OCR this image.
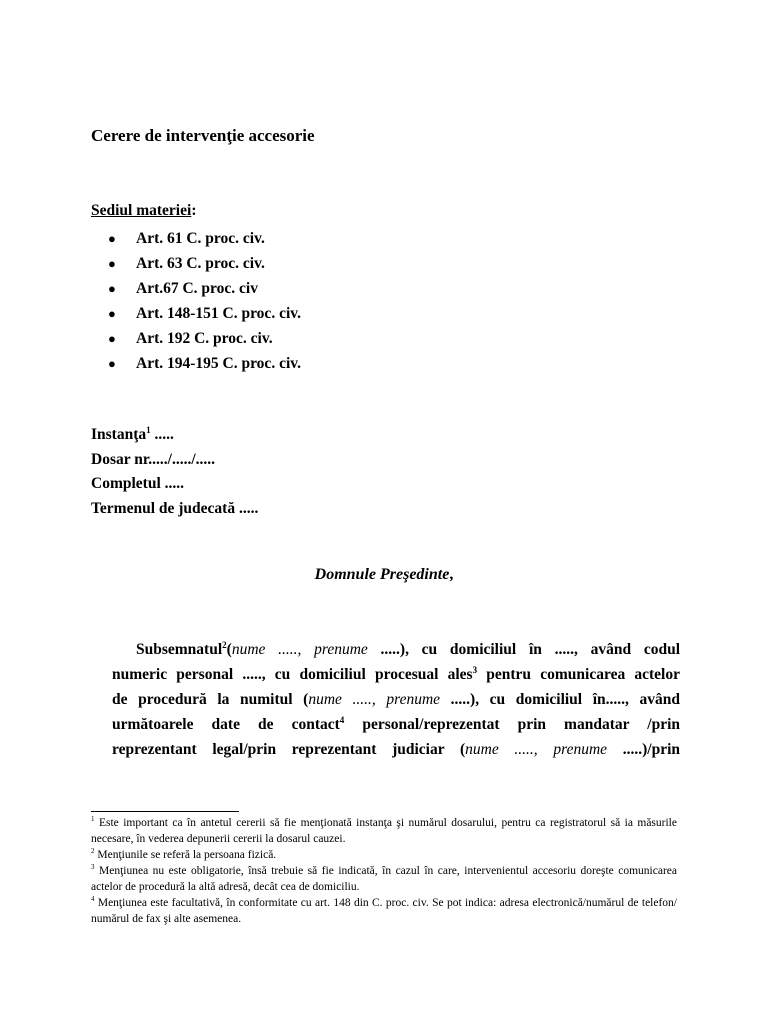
Cerere de intervenţie accesorie
Sediul materiei:
● Art. 61 C. proc. civ.
● Art. 63 C. proc. civ.
● Art.67 C. proc. civ
● Art. 148-151 C. proc. civ.
● Art. 192 C. proc. civ.
● Art. 194-195 C. proc. civ.
Instanţa$^1$ .....
Dosar nr...../...../.....
Completul .....
Termenul de judecată .....
Domnule Preşedinte,
Subsemnatul$^2$(nume ....., prenume .....), cu domiciliul în ....., având codul
numeric personal ....., cu domiciliul procesual ales$^3$ pentru comunicarea actelor
de procedură la numitul (nume ....., prenume .....), cu domiciliul în....., având
următoarele date de contact$^4$ personal/reprezentat prin mandatar /prin
reprezentant legal/prin reprezentant judiciar (nume ....., prenume .....)/prin
$^1$ Este important ca în antetul cererii să fie menţionată instanţa şi numărul dosarului, pentru ca registratorul să ia măsurile necesare, în vederea depunerii cererii la dosarul cauzei.
$^2$ Menţiunile se referă la persoana fizică.
$^3$ Menţiunea nu este obligatorie, însă trebuie să fie indicată, în cazul în care, intervenientul accesoriu doreşte comunicarea actelor de procedură la altă adresă, decât cea de domiciliu.
$^4$ Menţiunea este facultativă, în conformitate cu art. 148 din C. proc. civ. Se pot indica: adresa electronică/numărul de telefon/ numărul de fax şi alte asemenea.
